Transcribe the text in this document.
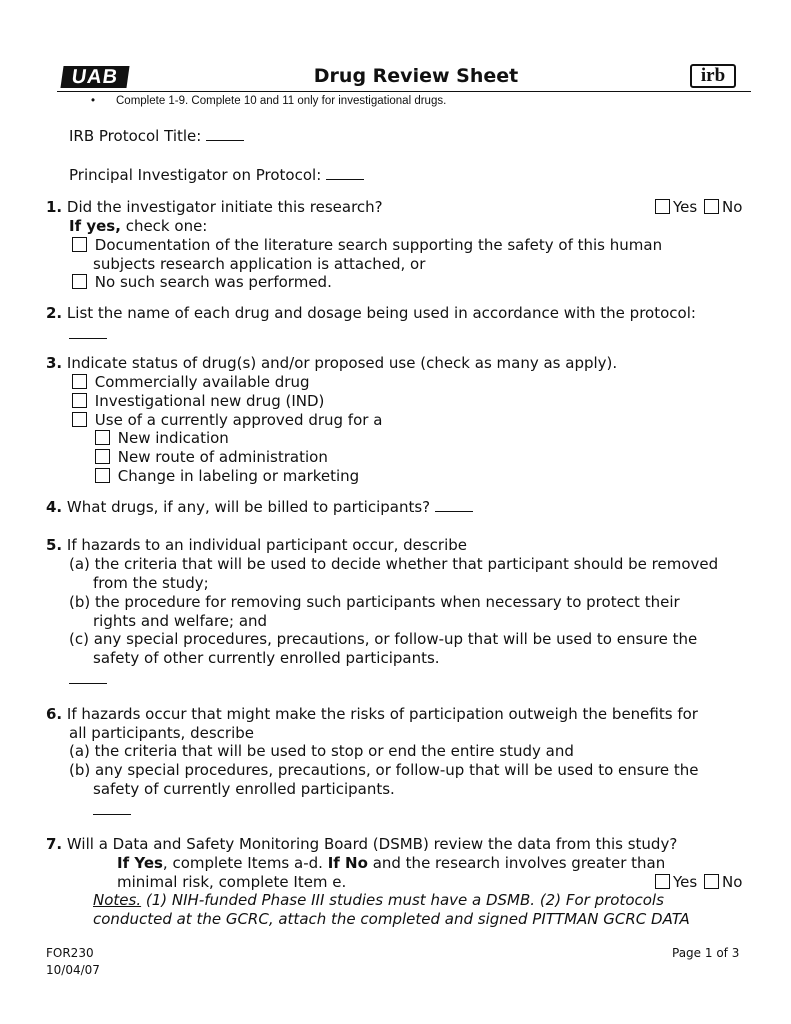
UAB	Drug Review Sheet	irb
• Complete 1-9. Complete 10 and 11 only for investigational drugs.
IRB Protocol Title:
Principal Investigator on Protocol:
1. Did the investigator initiate this research?	Yes No
If yes, check one:
Documentation of the literature search supporting the safety of this human
subjects research application is attached, or
No such search was performed.
2. List the name of each drug and dosage being used in accordance with the protocol:
3. Indicate status of drug(s) and/or proposed use (check as many as apply).
Commercially available drug
Investigational new drug (IND)
Use of a currently approved drug for a
New indication
New route of administration
Change in labeling or marketing
4. What drugs, if any, will be billed to participants?
5. If hazards to an individual participant occur, describe
(a) the criteria that will be used to decide whether that participant should be removed
from the study;
(b) the procedure for removing such participants when necessary to protect their
rights and welfare; and
(c) any special procedures, precautions, or follow-up that will be used to ensure the
safety of other currently enrolled participants.
6. If hazards occur that might make the risks of participation outweigh the benefits for
all participants, describe
(a) the criteria that will be used to stop or end the entire study and
(b) any special procedures, precautions, or follow-up that will be used to ensure the
safety of currently enrolled participants.
7. Will a Data and Safety Monitoring Board (DSMB) review the data from this study?
If Yes, complete Items a-d. If No and the research involves greater than
minimal risk, complete Item e.	Yes No
Notes. (1) NIH-funded Phase III studies must have a DSMB. (2) For protocols
conducted at the GCRC, attach the completed and signed PITTMAN GCRC DATA
FOR230
10/04/07
Page 1 of 3
